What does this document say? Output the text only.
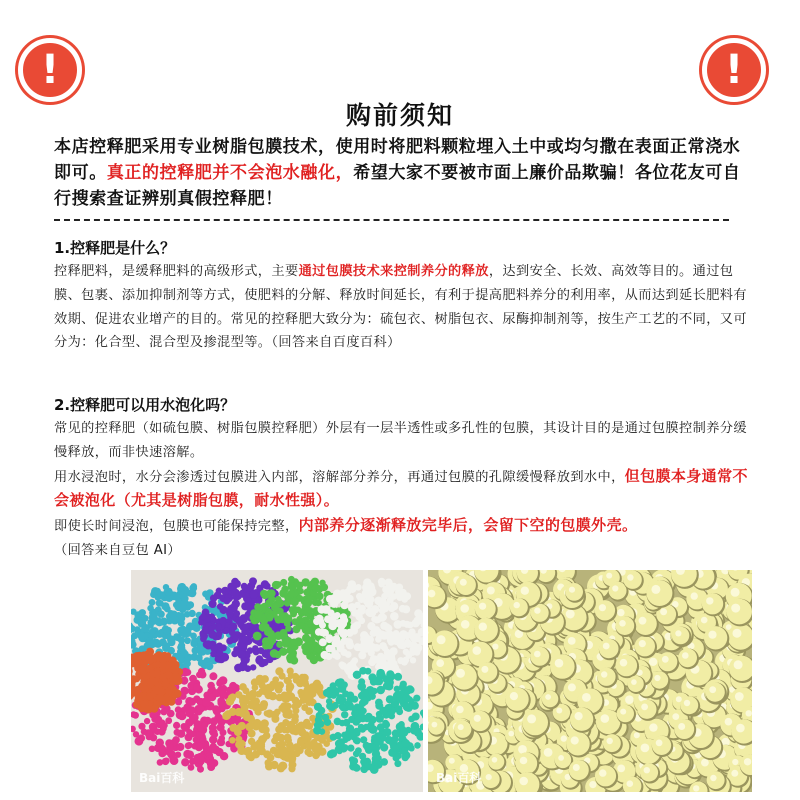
!	!
购前须知
本店控释肥采用专业树脂包膜技术，使用时将肥料颗粒埋入土中或均匀撒在表面正常浇水即可。真正的控释肥并不会泡水融化，希望大家不要被市面上廉价品欺骗！各位花友可自行搜索查证辨别真假控释肥！

1.控释肥是什么？

控释肥料，是缓释肥料的高级形式，主要通过包膜技术来控制养分的释放，达到安全、长效、高效等目的。通过包膜、包裹、添加抑制剂等方式，使肥料的分解、释放时间延长，有利于提高肥料养分的利用率，从而达到延长肥料有效期、促进农业增产的目的。常见的控释肥大致分为：硫包衣、树脂包衣、尿酶抑制剂等，按生产工艺的不同，又可分为：化合型、混合型及掺混型等。（回答来自百度百科）

2.控释肥可以用水泡化吗？

常见的控释肥（如硫包膜、树脂包膜控释肥）外层有一层半透性或多孔性的包膜，其设计目的是通过包膜控制养分缓慢释放，而非快速溶解。

用水浸泡时，水分会渗透过包膜进入内部，溶解部分养分，再通过包膜的孔隙缓慢释放到水中，但包膜本身通常不会被泡化（尤其是树脂包膜，耐水性强）。

即使长时间浸泡，包膜也可能保持完整，内部养分逐渐释放完毕后，会留下空的包膜外壳。（回答来自豆包 AI）

Bai百科	Bai百科
